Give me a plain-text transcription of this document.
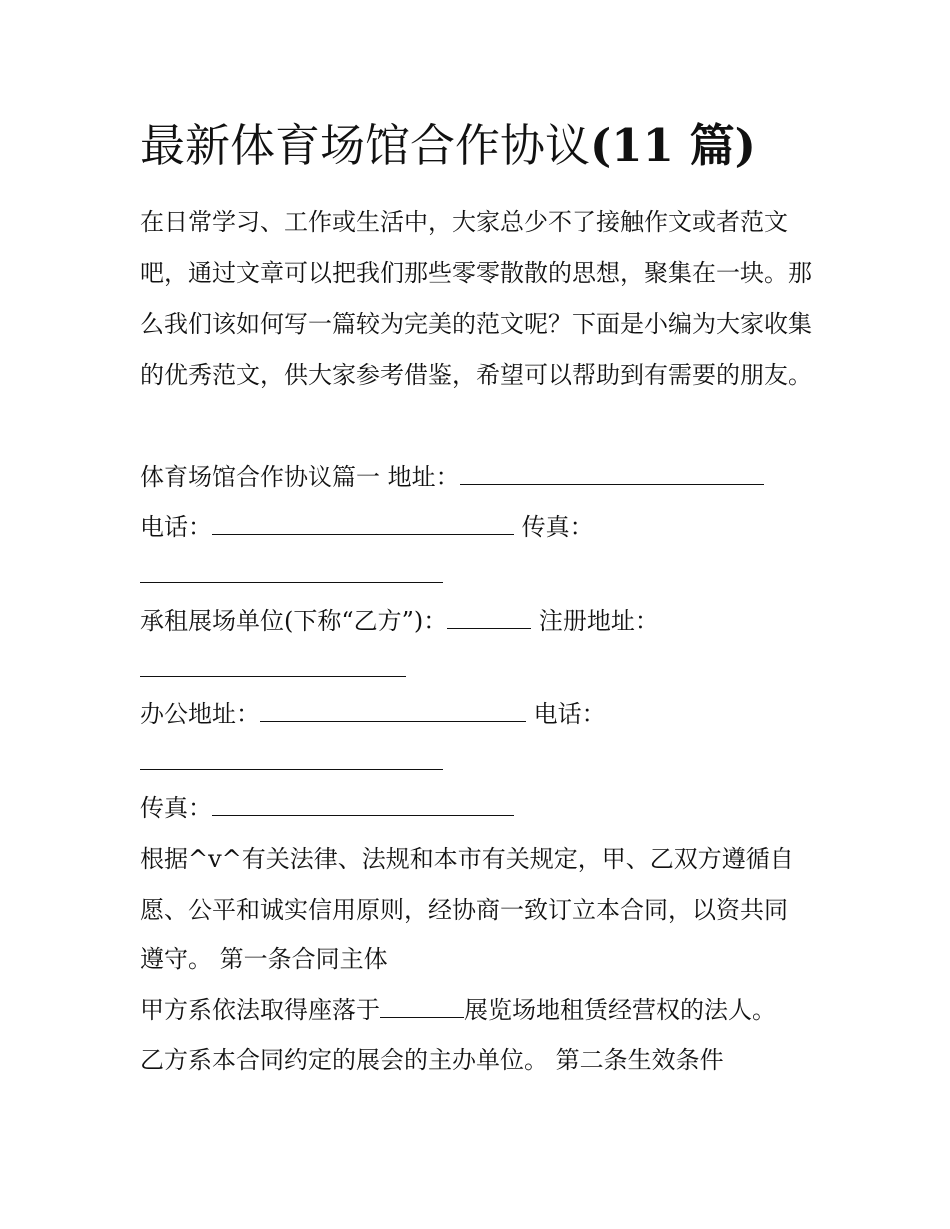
最新体育场馆合作协议(11 篇)

在日常学习、工作或生活中，大家总少不了接触作文或者范文吧，通过文章可以把我们那些零零散散的思想，聚集在一块。那么我们该如何写一篇较为完美的范文呢？下面是小编为大家收集的优秀范文，供大家参考借鉴，希望可以帮助到有需要的朋友。

体育场馆合作协议篇一 地址：
电话：	传真：
承租展场单位(下称“乙方”)：	注册地址：
办公地址：	电话：
传真：
根据^v^有关法律、法规和本市有关规定，甲、乙双方遵循自
愿、公平和诚实信用原则，经协商一致订立本合同，以资共同
遵守。 第一条合同主体
甲方系依法取得座落于	展览场地租赁经营权的法人。
乙方系本合同约定的展会的主办单位。 第二条生效条件
